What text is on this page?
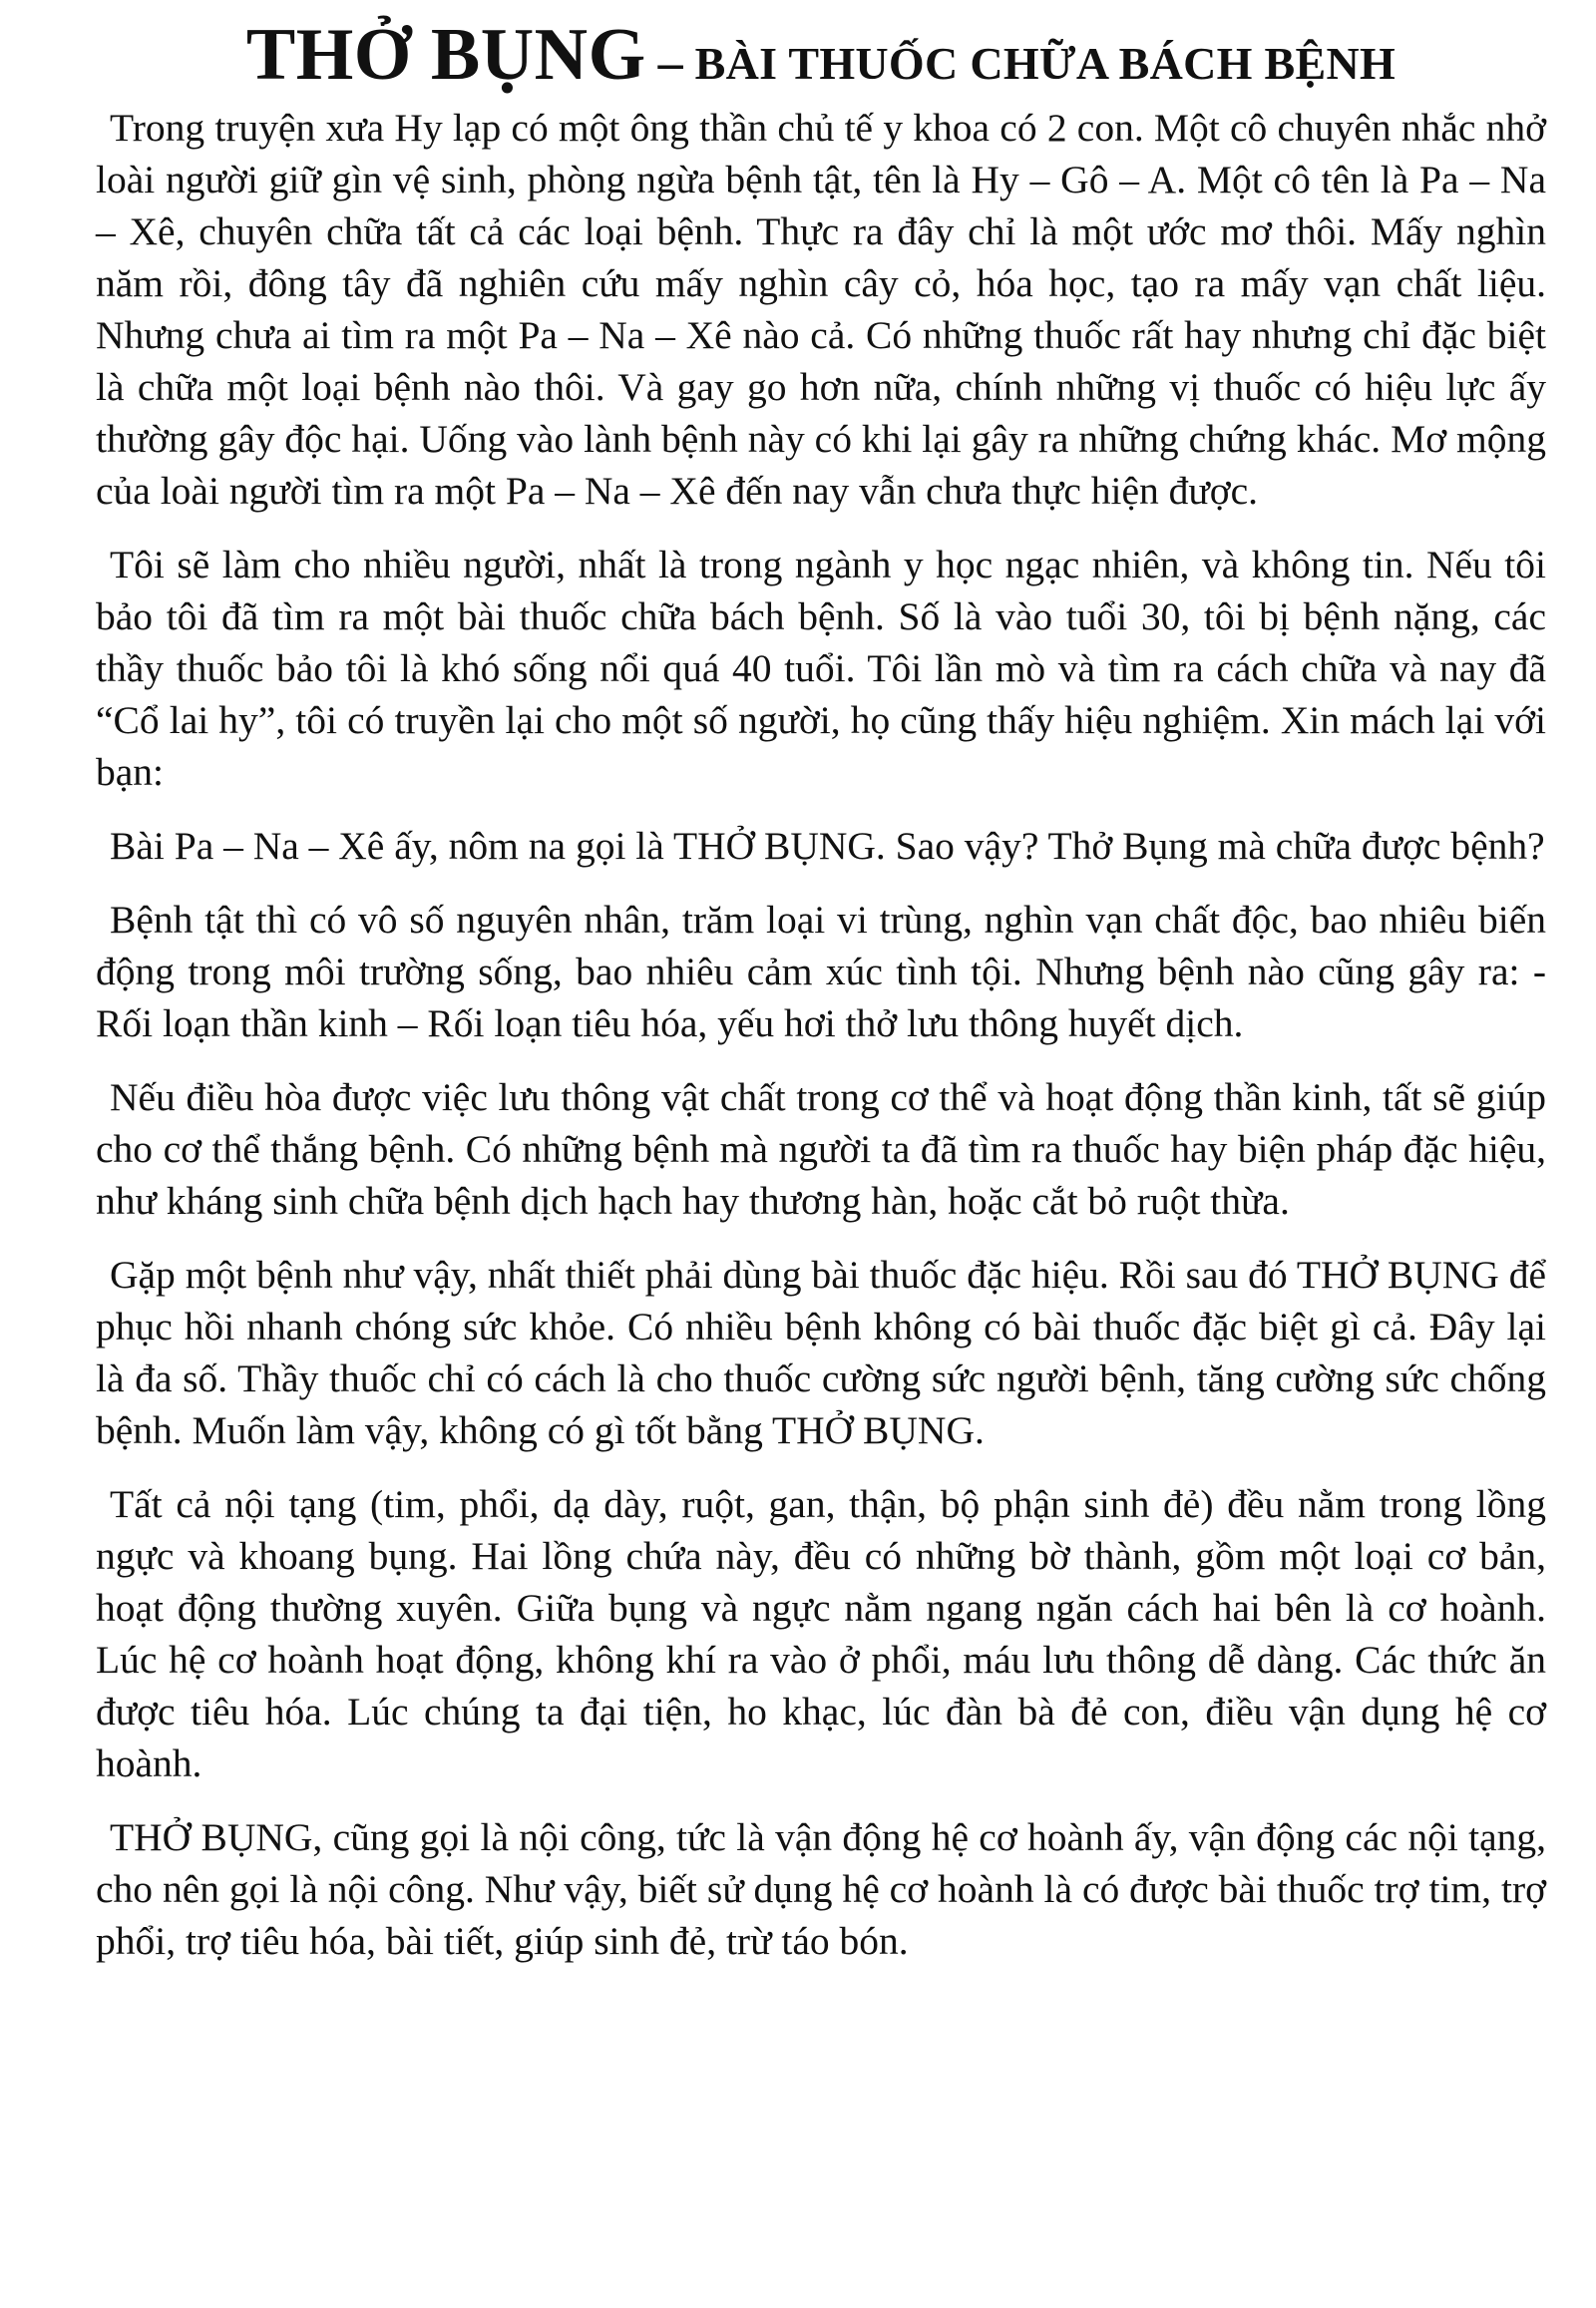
THỞ BỤNG – BÀI THUỐC CHỮA BÁCH BỆNH

Trong truyện xưa Hy lạp có một ông thần chủ tế y khoa có 2 con. Một cô chuyên nhắc nhở loài người giữ gìn vệ sinh, phòng ngừa bệnh tật, tên là Hy – Gô – A. Một cô tên là Pa – Na – Xê, chuyên chữa tất cả các loại bệnh. Thực ra đây chỉ là một ước mơ thôi. Mấy nghìn năm rồi, đông tây đã nghiên cứu mấy nghìn cây cỏ, hóa học, tạo ra mấy vạn chất liệu. Nhưng chưa ai tìm ra một Pa – Na – Xê nào cả. Có những thuốc rất hay nhưng chỉ đặc biệt là chữa một loại bệnh nào thôi. Và gay go hơn nữa, chính những vị thuốc có hiệu lực ấy thường gây độc hại. Uống vào lành bệnh này có khi lại gây ra những chứng khác. Mơ mộng của loài người tìm ra một Pa – Na – Xê đến nay vẫn chưa thực hiện được.

Tôi sẽ làm cho nhiều người, nhất là trong ngành y học ngạc nhiên, và không tin. Nếu tôi bảo tôi đã tìm ra một bài thuốc chữa bách bệnh. Số là vào tuổi 30, tôi bị bệnh nặng, các thầy thuốc bảo tôi là khó sống nổi quá 40 tuổi. Tôi lần mò và tìm ra cách chữa và nay đã “Cổ lai hy”, tôi có truyền lại cho một số người, họ cũng thấy hiệu nghiệm. Xin mách lại với bạn:

Bài Pa – Na – Xê ấy, nôm na gọi là THỞ BỤNG. Sao vậy? Thở Bụng mà chữa được bệnh?

Bệnh tật thì có vô số nguyên nhân, trăm loại vi trùng, nghìn vạn chất độc, bao nhiêu biến động trong môi trường sống, bao nhiêu cảm xúc tình tội. Nhưng bệnh nào cũng gây ra: - Rối loạn thần kinh – Rối loạn tiêu hóa, yếu hơi thở lưu thông huyết dịch.

Nếu điều hòa được việc lưu thông vật chất trong cơ thể và hoạt động thần kinh, tất sẽ giúp cho cơ thể thắng bệnh. Có những bệnh mà người ta đã tìm ra thuốc hay biện pháp đặc hiệu, như kháng sinh chữa bệnh dịch hạch hay thương hàn, hoặc cắt bỏ ruột thừa.

Gặp một bệnh như vậy, nhất thiết phải dùng bài thuốc đặc hiệu. Rồi sau đó THỞ BỤNG để phục hồi nhanh chóng sức khỏe. Có nhiều bệnh không có bài thuốc đặc biệt gì cả. Đây lại là đa số. Thầy thuốc chỉ có cách là cho thuốc cường sức người bệnh, tăng cường sức chống bệnh. Muốn làm vậy, không có gì tốt bằng THỞ BỤNG.

Tất cả nội tạng (tim, phổi, dạ dày, ruột, gan, thận, bộ phận sinh đẻ) đều nằm trong lồng ngực và khoang bụng. Hai lồng chứa này, đều có những bờ thành, gồm một loại cơ bản, hoạt động thường xuyên. Giữa bụng và ngực nằm ngang ngăn cách hai bên là cơ hoành. Lúc hệ cơ hoành hoạt động, không khí ra vào ở phổi, máu lưu thông dễ dàng. Các thức ăn được tiêu hóa. Lúc chúng ta đại tiện, ho khạc, lúc đàn bà đẻ con, điều vận dụng hệ cơ hoành.

THỞ BỤNG, cũng gọi là nội công, tức là vận động hệ cơ hoành ấy, vận động các nội tạng, cho nên gọi là nội công. Như vậy, biết sử dụng hệ cơ hoành là có được bài thuốc trợ tim, trợ phổi, trợ tiêu hóa, bài tiết, giúp sinh đẻ, trừ táo bón.
